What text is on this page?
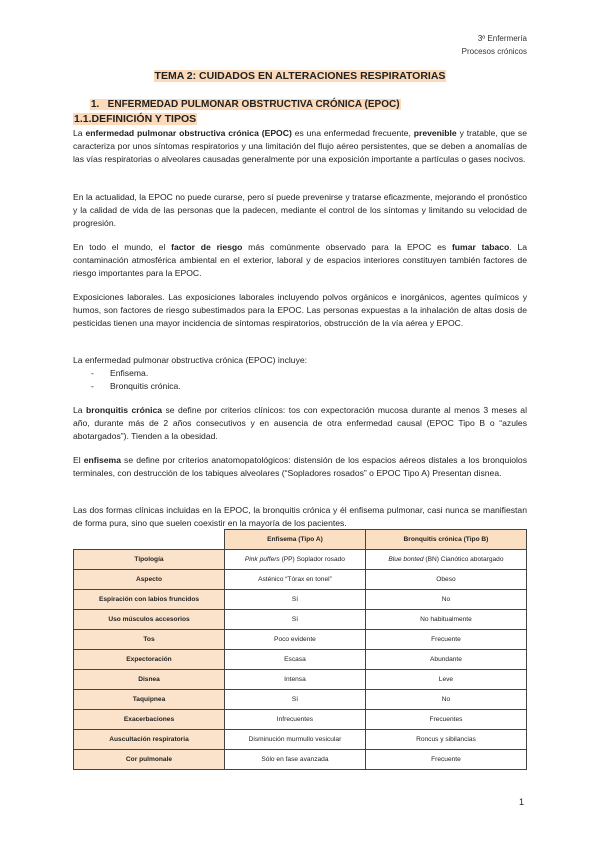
3º Enfermería
Procesos crónicos
TEMA 2: CUIDADOS EN ALTERACIONES RESPIRATORIAS
1.   ENFERMEDAD PULMONAR OBSTRUCTIVA CRÓNICA (EPOC)
1.1.DEFINICIÓN Y TIPOS
La enfermedad pulmonar obstructiva crónica (EPOC) es una enfermedad frecuente, prevenible y tratable, que se caracteriza por unos síntomas respiratorios y una limitación del flujo aéreo persistentes, que se deben a anomalías de las vías respiratorias o alveolares causadas generalmente por una exposición importante a partículas o gases nocivos.
En la actualidad, la EPOC no puede curarse, pero sí puede prevenirse y tratarse eficazmente, mejorando el pronóstico y la calidad de vida de las personas que la padecen, mediante el control de los síntomas y limitando su velocidad de progresión.
En todo el mundo, el factor de riesgo más comúnmente observado para la EPOC es fumar tabaco. La contaminación atmosférica ambiental en el exterior, laboral y de espacios interiores constituyen también factores de riesgo importantes para la EPOC.
Exposiciones laborales. Las exposiciones laborales incluyendo polvos orgánicos e inorgánicos, agentes químicos y humos, son factores de riesgo subestimados para la EPOC. Las personas expuestas a la inhalación de altas dosis de pesticidas tienen una mayor incidencia de síntomas respiratorios, obstrucción de la vía aérea y EPOC.
La enfermedad pulmonar obstructiva crónica (EPOC) incluye:
- Enfisema.
- Bronquitis crónica.
La bronquitis crónica se define por criterios clínicos: tos con expectoración mucosa durante al menos 3 meses al año, durante más de 2 años consecutivos y en ausencia de otra enfermedad causal (EPOC Tipo B o “azules abotargados”). Tienden a la obesidad.
El enfisema se define por criterios anatomopatológicos: distensión de los espacios aéreos distales a los bronquiolos terminales, con destrucción de los tabiques alveolares (“Sopladores rosados” o EPOC Tipo A) Presentan disnea.
Las dos formas clínicas incluidas en la EPOC, la bronquitis crónica y él enfisema pulmonar, casi nunca se manifiestan de forma pura, sino que suelen coexistir en la mayoría de los pacientes.
	Enfisema (Tipo A)	Bronquitis crónica (Tipo B)
Tipología	Pink puffers (PP) Soplador rosado	Blue bonted (BN) Cianótico abotargado
Aspecto	Asténico “Tórax en tonel”	Obeso
Espiración con labios fruncidos	Sí	No
Uso músculos accesorios	Sí	No habitualmente
Tos	Poco evidente	Frecuente
Expectoración	Escasa	Abundante
Disnea	Intensa	Leve
Taquipnea	Sí	No
Exacerbaciones	Infrecuentes	Frecuentes
Auscultación respiratoria	Disminución murmullo vesicular	Roncus y sibilancias
Cor pulmonale	Sólo en fase avanzada	Frecuente
1
